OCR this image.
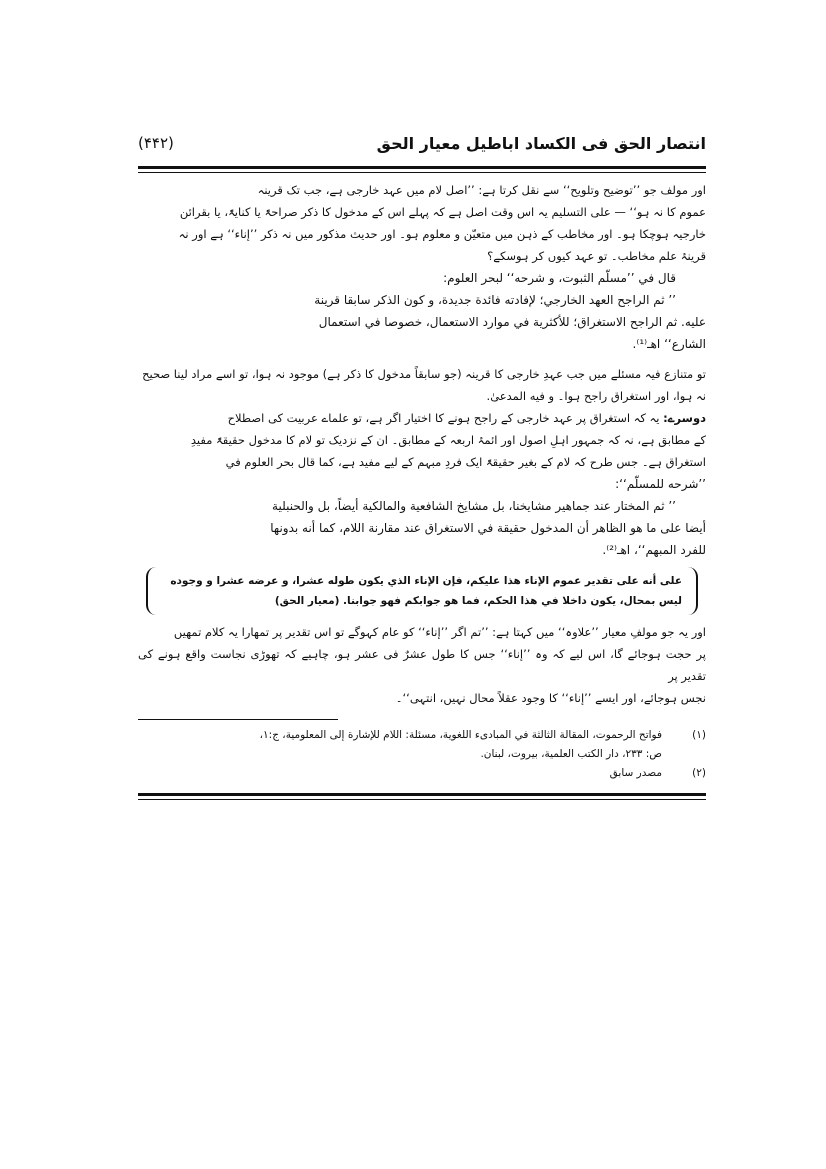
انتصار الحق فی الکساد اباطیل معیار الحق
(۴۴۲)
اور مولف جو ’’توضیح وتلویح‘‘ سے نقل کرتا ہے: ’’اصل لام میں عہد خارجی ہے، جب تک قرینہ
عموم کا نہ ہو‘‘ — علی التسلیم یہ اس وقت اصل ہے کہ پہلے اس کے مدخول کا ذکر صراحۃً یا کنایۃً، یا بقرائن
خارجیہ ہوچکا ہو۔ اور مخاطب کے ذہن میں متعیّن و معلوم ہو۔ اور حدیث مذکور میں نہ ذکر ’’إناء‘‘ ہے اور نہ
قرینۂ علم مخاطب۔ تو عہد کیوں کر ہوسکے؟
قال في ’’مسلّم الثبوت، و شرحه‘‘ لبحر العلوم:
’’ ثم الراجح العهد الخارجي؛ لإفادته فائدة جديدة، و كون الذكر سابقا قرينة
عليه. ثم الراجح الاستغراق؛ للأكثرية في موارد الاستعمال، خصوصا في استعمال
الشارع‘‘ اهـ⁽¹⁾.
تو متنازع فیہ مسئلے میں جب عہدِ خارجی کا قرینہ (جو سابقاً مدخول کا ذکر ہے) موجود نہ ہوا، تو اسے مراد لینا صحیح
نہ ہوا، اور استغراق راجح ہوا۔ و فيه المدعیٰ.
دوسرے: یہ کہ استغراق پر عہد خارجی کے راجح ہونے کا اختیار اگر ہے، تو علماے عربیت کی اصطلاح
کے مطابق ہے، نہ کہ جمہور اہلِ اصول اور ائمۂ اربعہ کے مطابق۔ ان کے نزدیک تو لام کا مدخول حقیقۃً مفیدِ
استغراق ہے۔ جس طرح کہ لام کے بغیر حقیقۃً ایک فردِ مبہم کے لیے مفید ہے، كما قال بحر العلوم في
’’شرحه للمسلّم‘‘:
’’ ثم المختار عند جماهير مشايخنا، بل مشايخ الشافعية والمالكية أيضاً، بل والحنبلية
أيضا على ما هو الظاهر أن المدخول حقيقة في الاستغراق عند مقارنة اللام، كما أنه بدونها
للفرد المبهم‘‘، اهـ⁽²⁾.
على أنه على تقدير عموم الإناء هذا عليكم، فإن الإناء الذي يكون طوله عشرا، و عرضه عشرا و وجوده
ليس بمحال، يكون داخلا في هذا الحكم، فما هو جوابكم فهو جوابنا. (معيار الحق)
اور یہ جو مولفِ معیار ’’علاوہ‘‘ میں کہتا ہے: ’’تم اگر ’’إناء‘‘ کو عام کہوگے تو اس تقدیر پر تمھارا یہ کلام تمھیں
پر حجت ہوجائے گا، اس لیے کہ وہ ’’إناء‘‘ جس کا طول عشرٌ فی عشر ہو، چاہیے کہ تھوڑی نجاست واقع ہونے کی تقدیر پر
نجس ہوجائے، اور ایسے ’’إناء‘‘ کا وجود عقلاً محال نہیں، انتہی‘‘۔
(۱)
فواتح الرحموت، المقالة الثالثة في المبادىء اللغوية، مسئلة: اللام للإشارة إلى المعلومية، ج:۱،
ص: ۲۳۳، دار الكتب العلمية، بيروت، لبنان.
(۲)
مصدر سابق
